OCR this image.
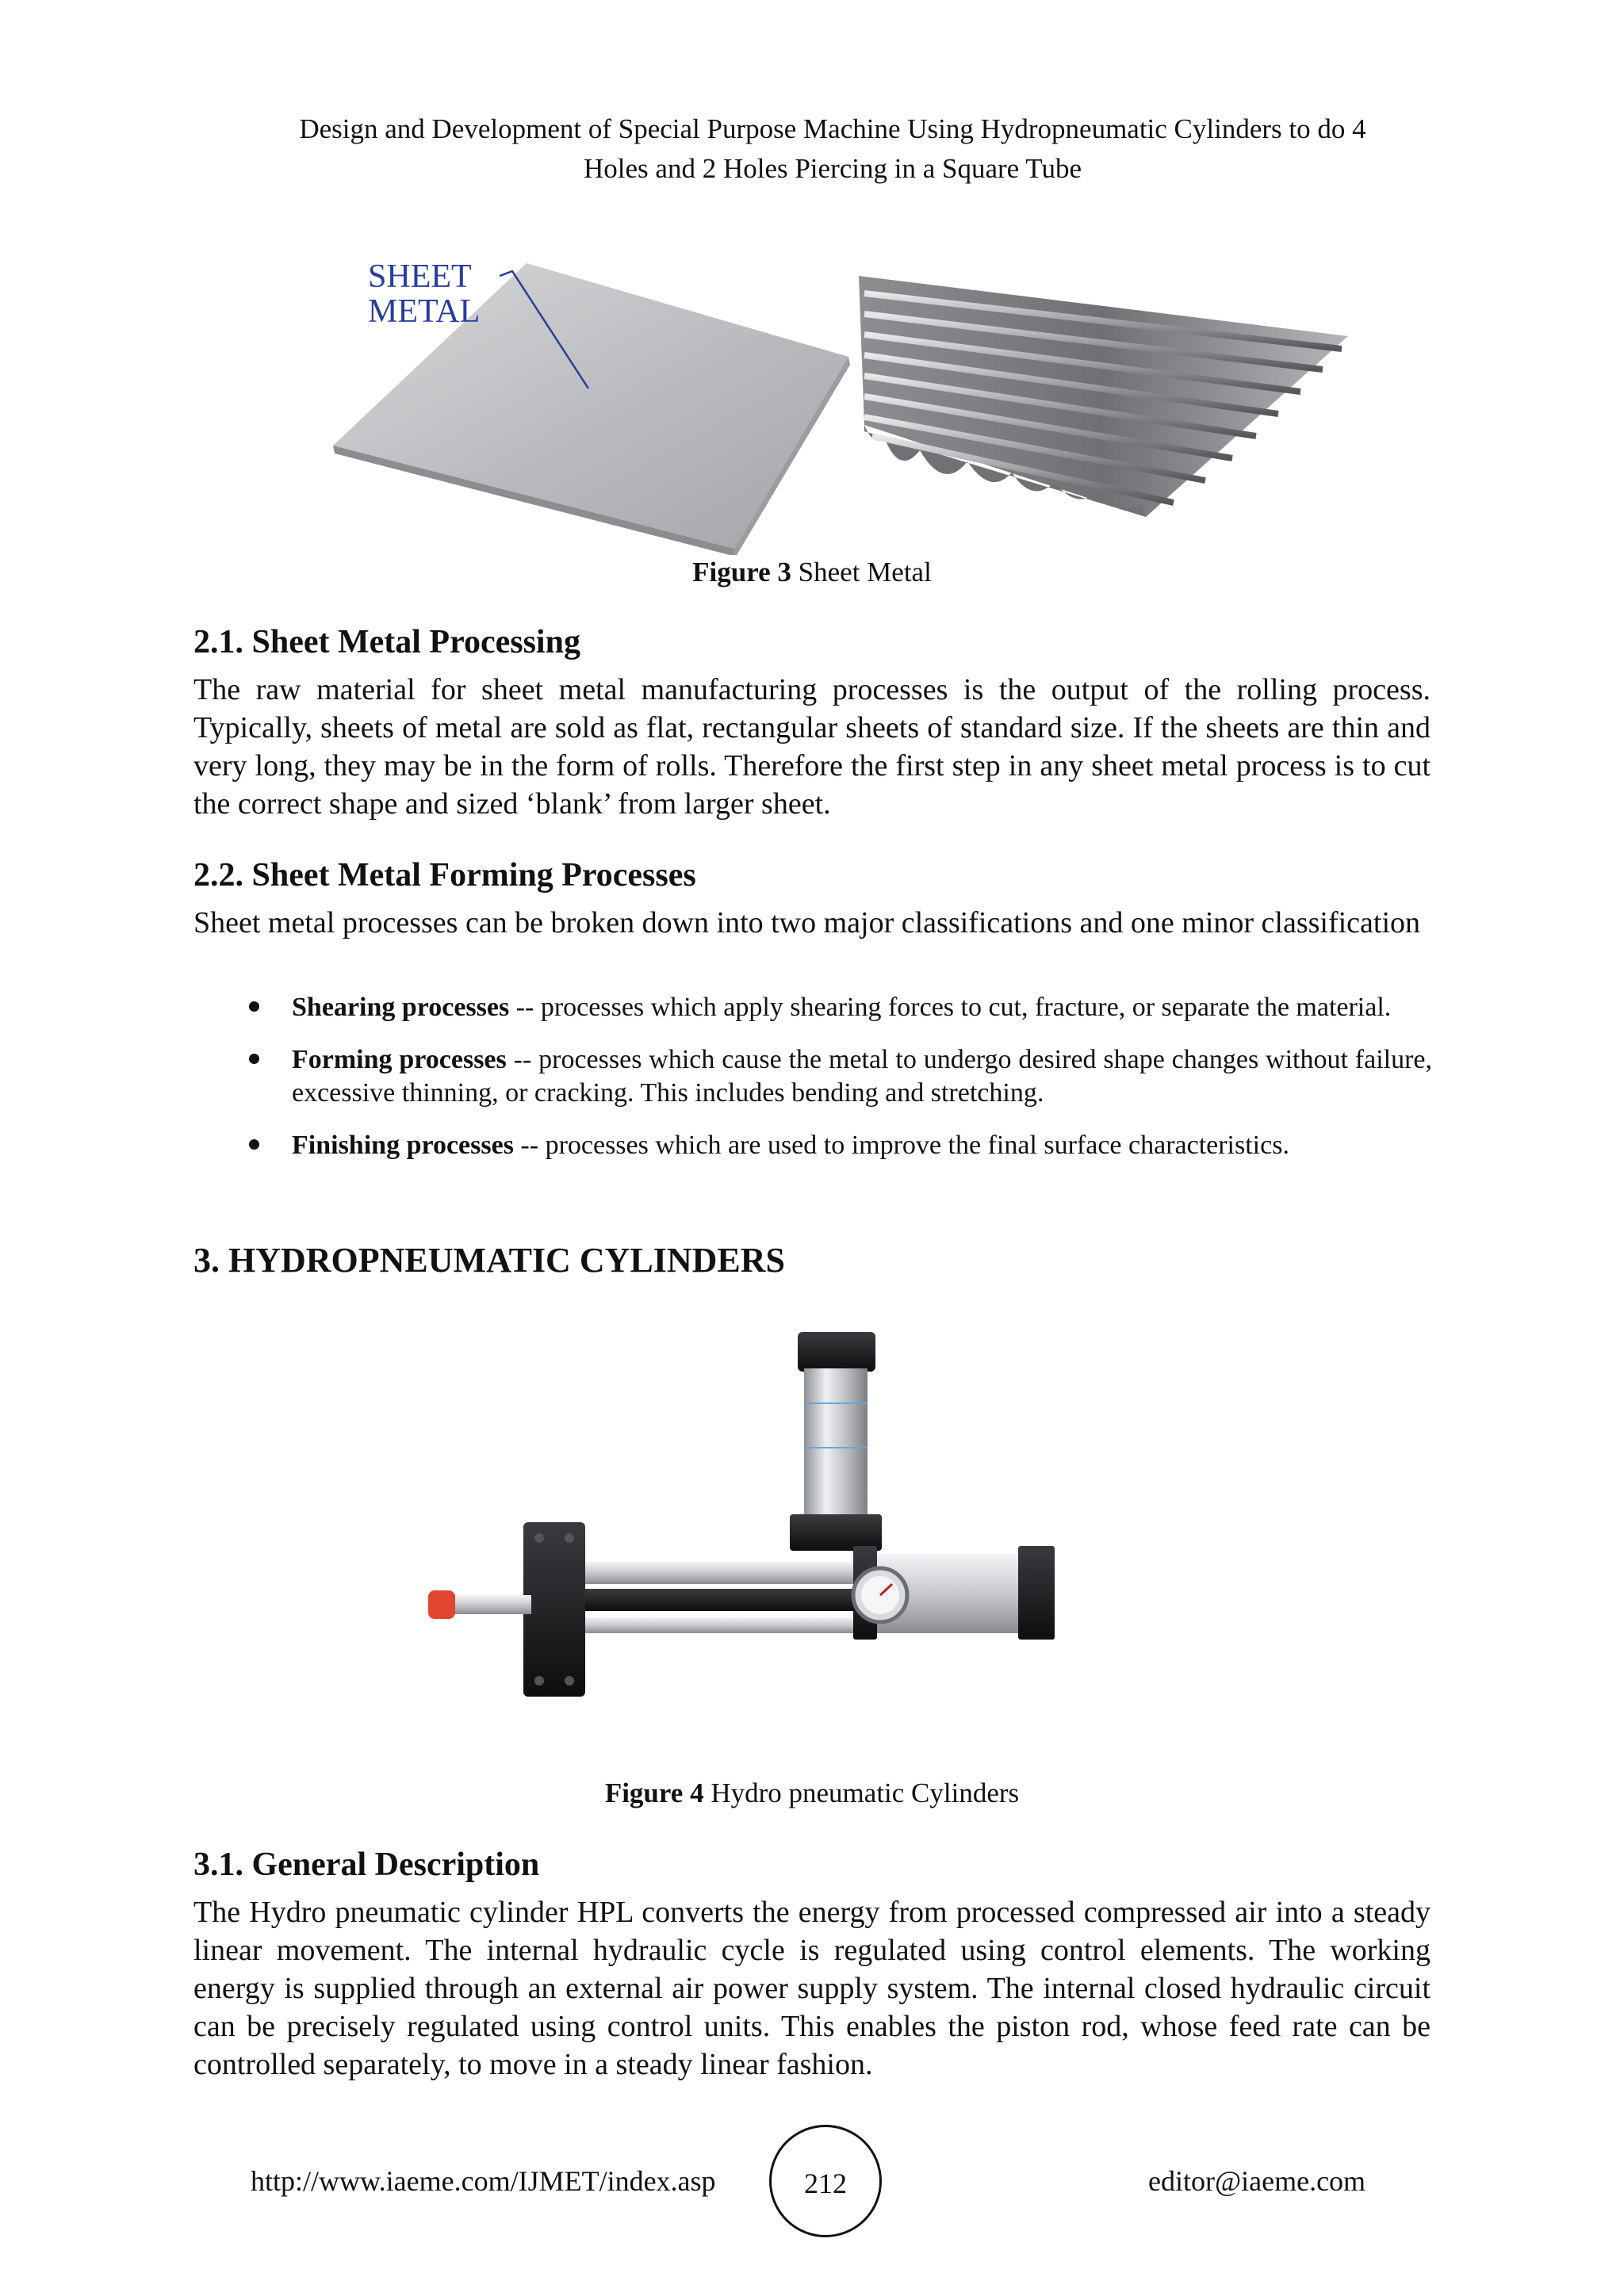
Design and Development of Special Purpose Machine Using Hydropneumatic Cylinders to do 4
Holes and 2 Holes Piercing in a Square Tube
SHEET
METAL
Figure 3 Sheet Metal
2.1. Sheet Metal Processing

The raw material for sheet metal manufacturing processes is the output of the rolling process. Typically, sheets of metal are sold as flat, rectangular sheets of standard size. If the sheets are thin and very long, they may be in the form of rolls. Therefore the first step in any sheet metal process is to cut the correct shape and sized ‘blank’ from larger sheet.

2.2. Sheet Metal Forming Processes

Sheet metal processes can be broken down into two major classifications and one minor classification

Shearing processes -- processes which apply shearing forces to cut, fracture, or separate the material.
Forming processes -- processes which cause the metal to undergo desired shape changes without failure, excessive thinning, or cracking. This includes bending and stretching.
Finishing processes -- processes which are used to improve the final surface characteristics.
3. HYDROPNEUMATIC CYLINDERS
Figure 4 Hydro pneumatic Cylinders
3.1. General Description

The Hydro pneumatic cylinder HPL converts the energy from processed compressed air into a steady linear movement. The internal hydraulic cycle is regulated using control elements. The working energy is supplied through an external air power supply system. The internal closed hydraulic circuit can be precisely regulated using control units. This enables the piston rod, whose feed rate can be controlled separately, to move in a steady linear fashion.

http://www.iaeme.com/IJMET/index.asp	212	editor@iaeme.com
